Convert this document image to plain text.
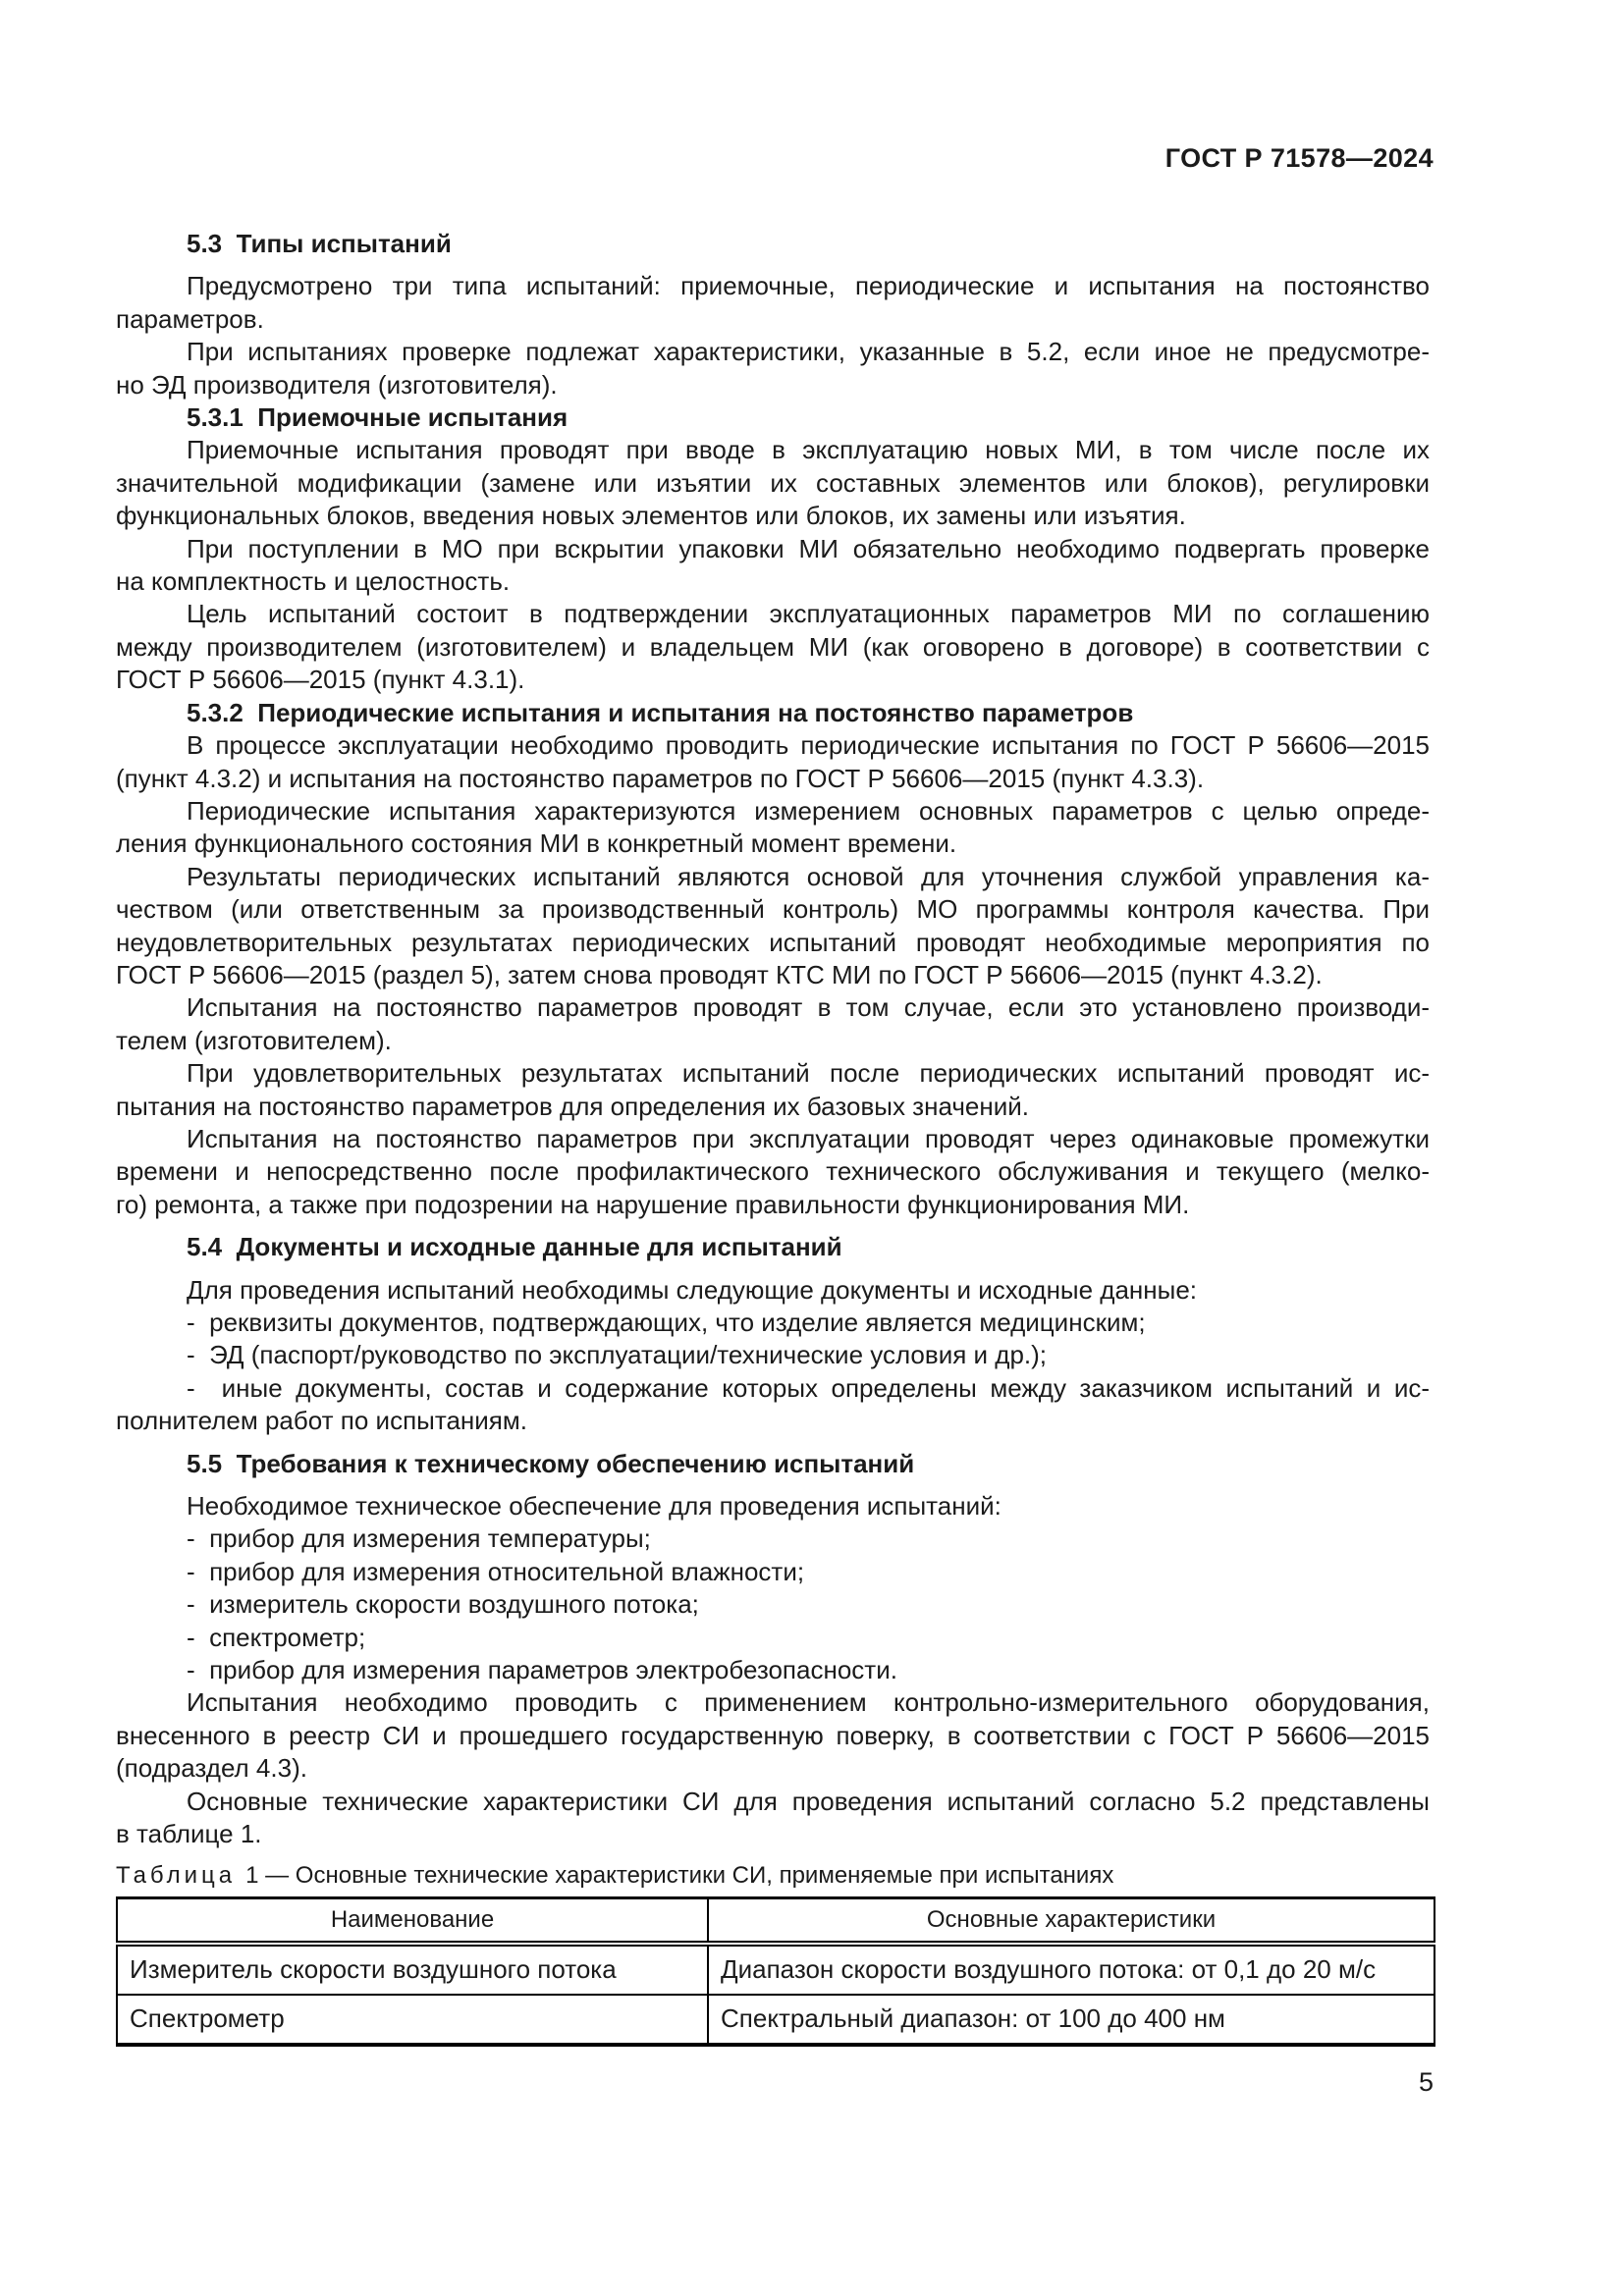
ГОСТ Р 71578—2024
5.3  Типы испытаний
Предусмотрено три типа испытаний: приемочные, периодические и испытания на постоянство
параметров.
При испытаниях проверке подлежат характеристики, указанные в 5.2, если иное не предусмотре-
но ЭД производителя (изготовителя).
5.3.1  Приемочные испытания
Приемочные испытания проводят при вводе в эксплуатацию новых МИ, в том числе после их
значительной модификации (замене или изъятии их составных элементов или блоков), регулировки
функциональных блоков, введения новых элементов или блоков, их замены или изъятия.
При поступлении в МО при вскрытии упаковки МИ обязательно необходимо подвергать проверке
на комплектность и целостность.
Цель испытаний состоит в подтверждении эксплуатационных параметров МИ по соглашению
между производителем (изготовителем) и владельцем МИ (как оговорено в договоре) в соответствии с
ГОСТ Р 56606—2015 (пункт 4.3.1).
5.3.2  Периодические испытания и испытания на постоянство параметров
В процессе эксплуатации необходимо проводить периодические испытания по ГОСТ Р 56606—2015
(пункт 4.3.2) и испытания на постоянство параметров по ГОСТ Р 56606—2015 (пункт 4.3.3).
Периодические испытания характеризуются измерением основных параметров с целью опреде-
ления функционального состояния МИ в конкретный момент времени.
Результаты периодических испытаний являются основой для уточнения службой управления ка-
чеством (или ответственным за производственный контроль) МО программы контроля качества. При
неудовлетворительных результатах периодических испытаний проводят необходимые мероприятия по
ГОСТ Р 56606—2015 (раздел 5), затем снова проводят КТС МИ по ГОСТ Р 56606—2015 (пункт 4.3.2).
Испытания на постоянство параметров проводят в том случае, если это установлено производи-
телем (изготовителем).
При удовлетворительных результатах испытаний после периодических испытаний проводят ис-
пытания на постоянство параметров для определения их базовых значений.
Испытания на постоянство параметров при эксплуатации проводят через одинаковые промежутки
времени и непосредственно после профилактического технического обслуживания и текущего (мелко-
го) ремонта, а также при подозрении на нарушение правильности функционирования МИ.
5.4  Документы и исходные данные для испытаний
Для проведения испытаний необходимы следующие документы и исходные данные:
-  реквизиты документов, подтверждающих, что изделие является медицинским;
-  ЭД (паспорт/руководство по эксплуатации/технические условия и др.);
-  иные документы, состав и содержание которых определены между заказчиком испытаний и ис-
полнителем работ по испытаниям.
5.5  Требования к техническому обеспечению испытаний
Необходимое техническое обеспечение для проведения испытаний:
-  прибор для измерения температуры;
-  прибор для измерения относительной влажности;
-  измеритель скорости воздушного потока;
-  спектрометр;
-  прибор для измерения параметров электробезопасности.
Испытания необходимо проводить с применением контрольно-измерительного оборудования,
внесенного в реестр СИ и прошедшего государственную поверку, в соответствии с ГОСТ Р 56606—2015
(подраздел 4.3).
Основные технические характеристики СИ для проведения испытаний согласно 5.2 представлены
в таблице 1.
Таблица 1 — Основные технические характеристики СИ, применяемые при испытаниях
Наименование	Основные характеристики
Измеритель скорости воздушного потока	Диапазон скорости воздушного потока: от 0,1 до 20 м/с
Спектрометр	Спектральный диапазон: от 100 до 400 нм
5
